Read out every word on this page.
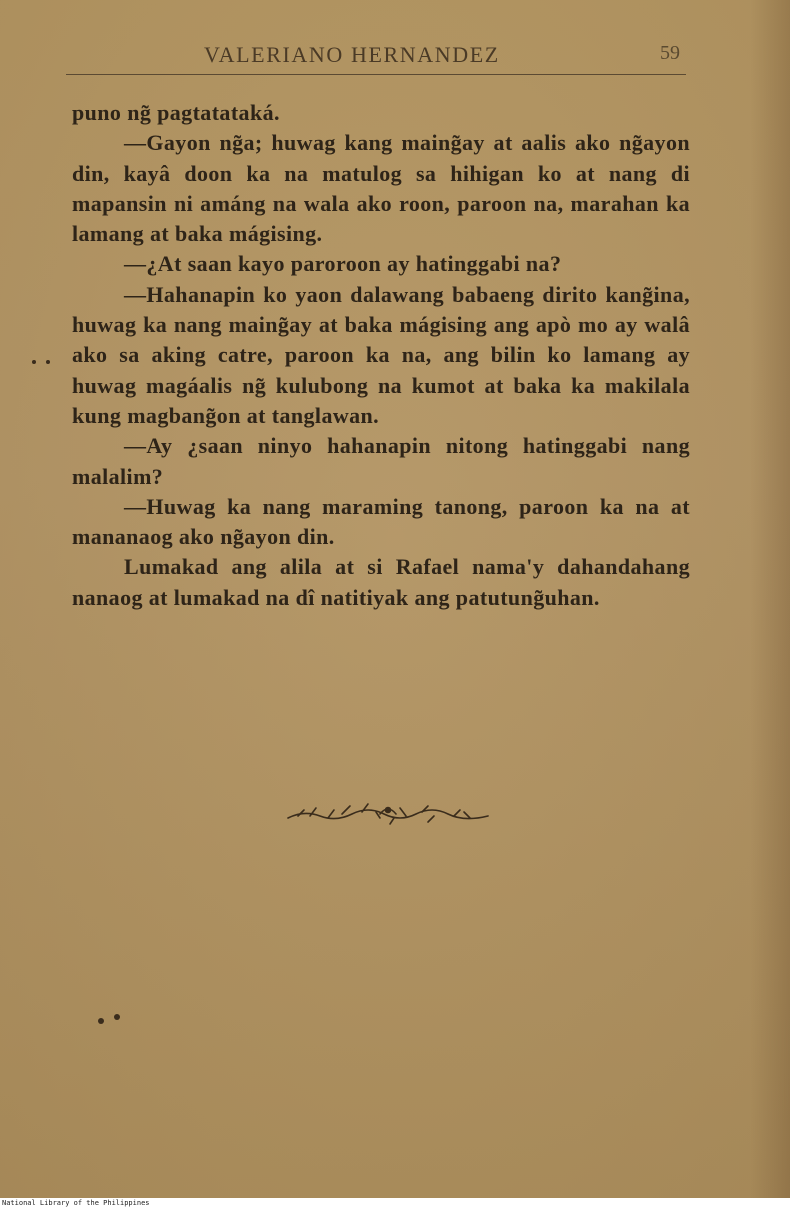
VALERIANO HERNANDEZ	59

puno ng̃ pagtatataká.

—Gayon ng̃a; huwag kang maing̃ay at aalis ako ng̃ayon din, kayâ doon ka na matulog sa hihigan ko at nang di mapansin ni amáng na wala ako roon, paroon na, marahan ka lamang at baka mágising.

—¿At saan kayo paroroon ay hatinggabi na?

—Hahanapin ko yaon dalawang babaeng dirito kang̃ina, huwag ka nang maing̃ay at baka mágising ang apò mo ay walâ ako sa aking catre, paroon ka na, ang bilin ko lamang ay huwag magáalis ng̃ kulubong na kumot at baka ka makilala kung magbang̃on at tanglawan.

—Ay ¿saan ninyo hahanapin nitong hatinggabi nang malalim?

—Huwag ka nang maraming tanong, paroon ka na at mananaog ako ng̃ayon din.

Lumakad ang alila at si Rafael nama'y dahandahang nanaog at lumakad na dî natitiyak ang patutung̃uhan.

National Library of the Philippines
